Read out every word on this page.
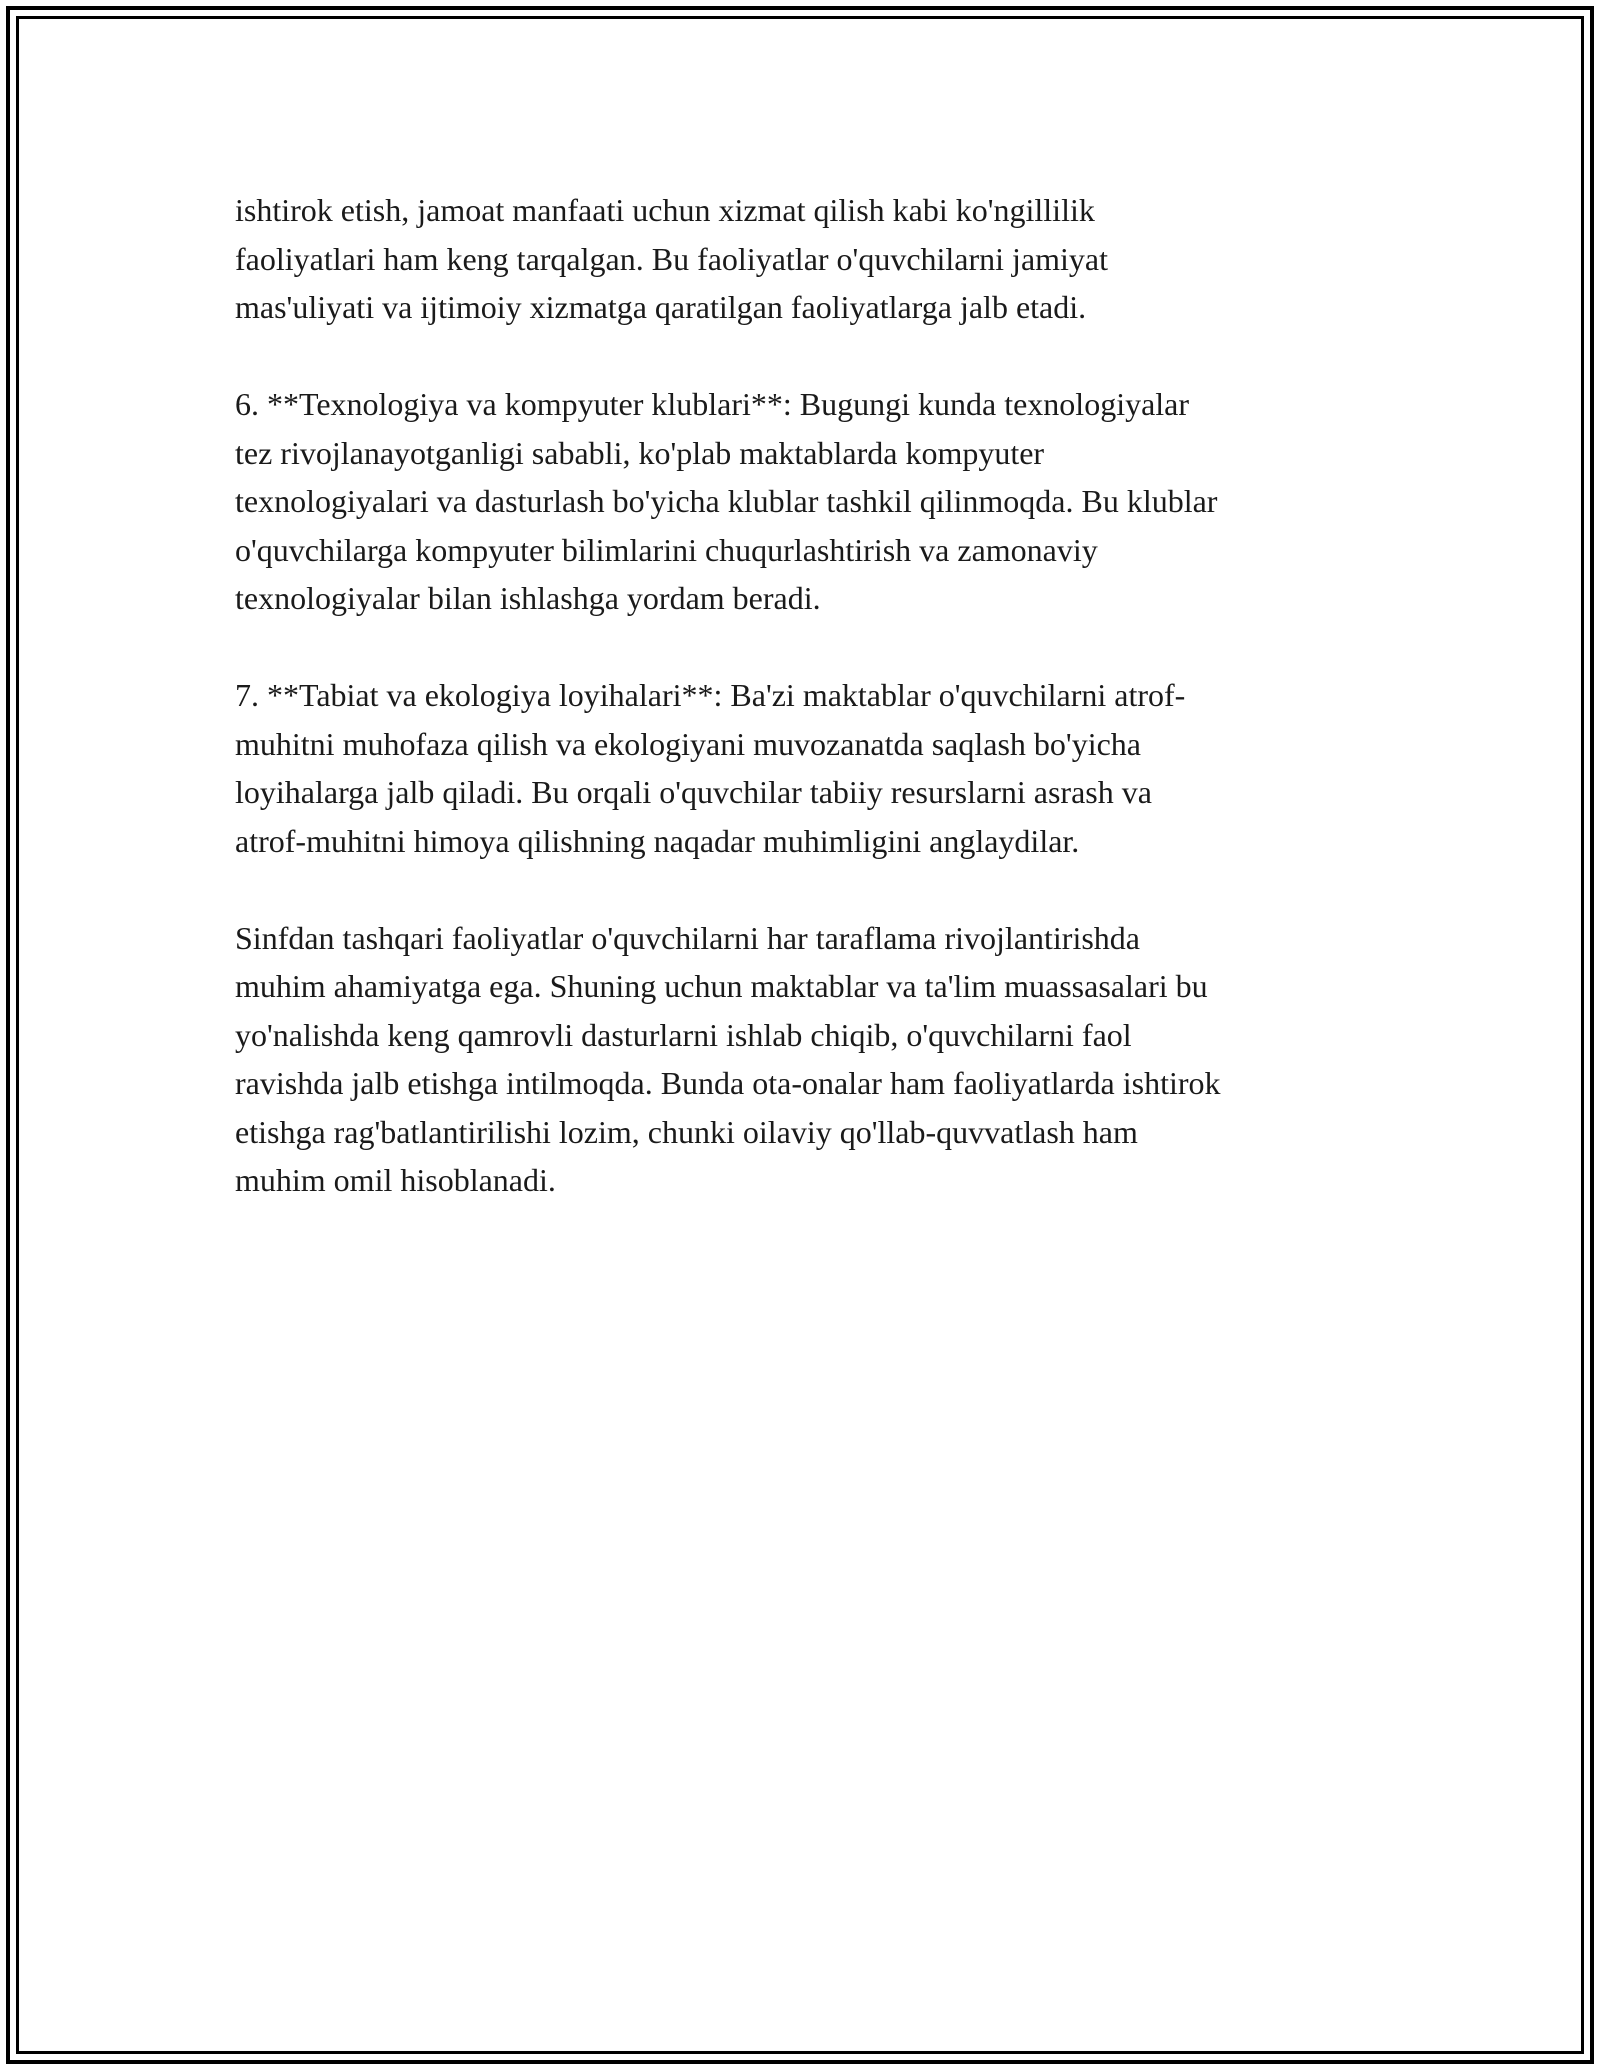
ishtirok etish, jamoat manfaati uchun xizmat qilish kabi ko'ngillilik
faoliyatlari ham keng tarqalgan. Bu faoliyatlar o'quvchilarni jamiyat
mas'uliyati va ijtimoiy xizmatga qaratilgan faoliyatlarga jalb etadi.

6. **Texnologiya va kompyuter klublari**: Bugungi kunda texnologiyalar
tez rivojlanayotganligi sababli, ko'plab maktablarda kompyuter
texnologiyalari va dasturlash bo'yicha klublar tashkil qilinmoqda. Bu klublar
o'quvchilarga kompyuter bilimlarini chuqurlashtirish va zamonaviy
texnologiyalar bilan ishlashga yordam beradi.

7. **Tabiat va ekologiya loyihalari**: Ba'zi maktablar o'quvchilarni atrof-
muhitni muhofaza qilish va ekologiyani muvozanatda saqlash bo'yicha
loyihalarga jalb qiladi. Bu orqali o'quvchilar tabiiy resurslarni asrash va
atrof-muhitni himoya qilishning naqadar muhimligini anglaydilar.

Sinfdan tashqari faoliyatlar o'quvchilarni har taraflama rivojlantirishda
muhim ahamiyatga ega. Shuning uchun maktablar va ta'lim muassasalari bu
yo'nalishda keng qamrovli dasturlarni ishlab chiqib, o'quvchilarni faol
ravishda jalb etishga intilmoqda. Bunda ota-onalar ham faoliyatlarda ishtirok
etishga rag'batlantirilishi lozim, chunki oilaviy qo'llab-quvvatlash ham
muhim omil hisoblanadi.
